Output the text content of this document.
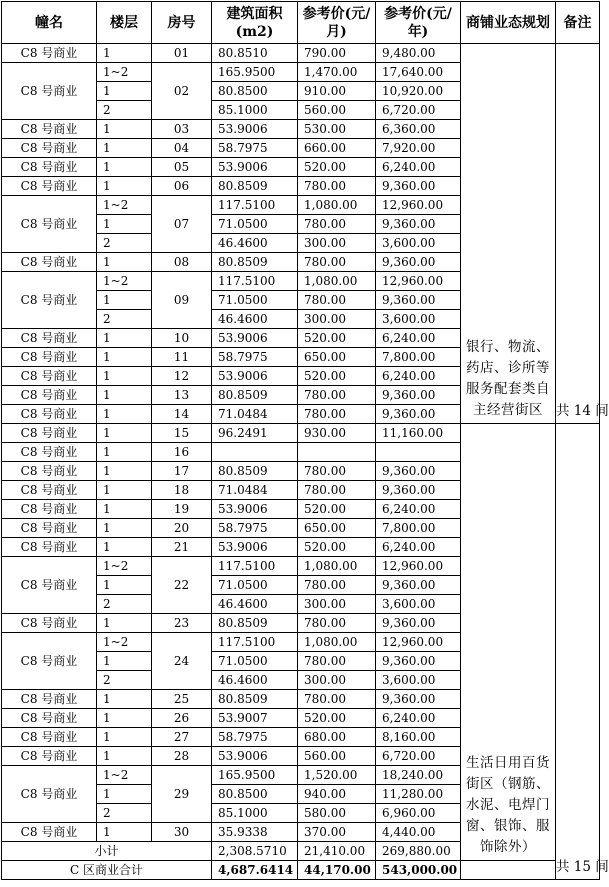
幢名	楼层	房号	建筑面积(m2)	参考价(元/月)	参考价(元/年)	商铺业态规划	备注
C8 号商业	1	01	80.8510	790.00	9,480.00	银行、物流、药店、诊所等服务配套类自主经营街区	共 14 间
C8 号商业	1~2	02	165.9500	1,470.00	17,640.00		
	1		80.8500	910.00	10,920.00		
	2		85.1000	560.00	6,720.00		
C8 号商业	1	03	53.9006	530.00	6,360.00		
C8 号商业	1	04	58.7975	660.00	7,920.00		
C8 号商业	1	05	53.9006	520.00	6,240.00		
C8 号商业	1	06	80.8509	780.00	9,360.00		
C8 号商业	1~2	07	117.5100	1,080.00	12,960.00		
	1		71.0500	780.00	9,360.00		
	2		46.4600	300.00	3,600.00		
C8 号商业	1	08	80.8509	780.00	9,360.00		
C8 号商业	1~2	09	117.5100	1,080.00	12,960.00		
	1		71.0500	780.00	9,360.00		
	2		46.4600	300.00	3,600.00		
C8 号商业	1	10	53.9006	520.00	6,240.00		
C8 号商业	1	11	58.7975	650.00	7,800.00		
C8 号商业	1	12	53.9006	520.00	6,240.00		
C8 号商业	1	13	80.8509	780.00	9,360.00		
C8 号商业	1	14	71.0484	780.00	9,360.00		
C8 号商业	1	15	96.2491	930.00	11,160.00	生活日用百货街区（钢筋、水泥、电焊门窗、银饰、服饰除外）	共 15 间
C8 号商业	1	16					
C8 号商业	1	17	80.8509	780.00	9,360.00		
C8 号商业	1	18	71.0484	780.00	9,360.00		
C8 号商业	1	19	53.9006	520.00	6,240.00		
C8 号商业	1	20	58.7975	650.00	7,800.00		
C8 号商业	1	21	53.9006	520.00	6,240.00		
C8 号商业	1~2	22	117.5100	1,080.00	12,960.00		
	1		71.0500	780.00	9,360.00		
	2		46.4600	300.00	3,600.00		
C8 号商业	1	23	80.8509	780.00	9,360.00		
C8 号商业	1~2	24	117.5100	1,080.00	12,960.00		
	1		71.0500	780.00	9,360.00		
	2		46.4600	300.00	3,600.00		
C8 号商业	1	25	80.8509	780.00	9,360.00		
C8 号商业	1	26	53.9007	520.00	6,240.00		
C8 号商业	1	27	58.7975	680.00	8,160.00		
C8 号商业	1	28	53.9006	560.00	6,720.00		
C8 号商业	1~2	29	165.9500	1,520.00	18,240.00		
	1		80.8500	940.00	11,280.00		
	2		85.1000	580.00	6,960.00		
C8 号商业	1	30	35.9338	370.00	4,440.00		
小计			2,308.5710	21,410.00	269,880.00		
C 区商业合计			4,687.6414	44,170.00	543,000.00		
